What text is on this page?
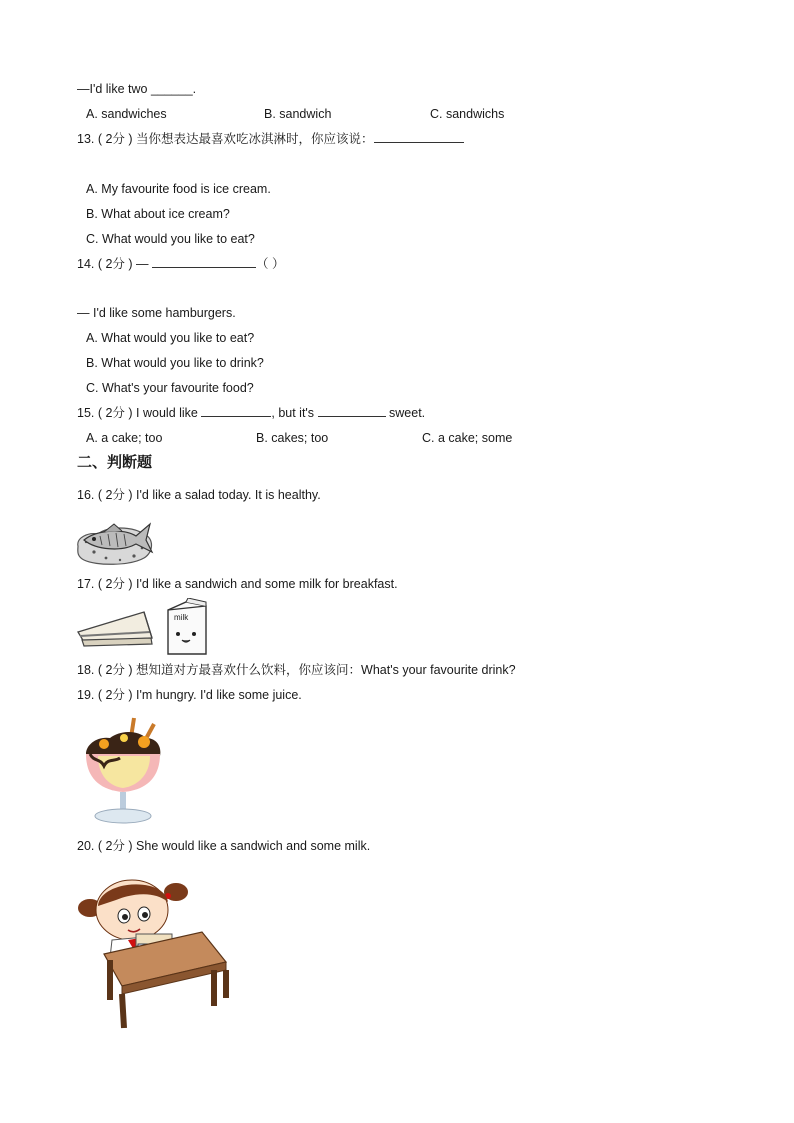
—I'd like two ______.
A. sandwiches	B. sandwich	C. sandwichs
13. ( 2分 ) 当你想表达最喜欢吃冰淇淋时，你应该说：
A. My favourite food is ice cream.
B. What about ice cream?
C. What would you like to eat?
14. ( 2分 ) —	（ ）
— I'd like some hamburgers.
A. What would you like to eat?
B. What would you like to drink?
C. What's your favourite food?
15. ( 2分 ) I would like	, but it's	sweet.
A. a cake; too	B. cakes; too	C. a cake; some
二、判断题
16. ( 2分 ) I'd like a salad today. It is healthy.
17. ( 2分 ) I'd like a sandwich and some milk for breakfast.
milk
18. ( 2分 ) 想知道对方最喜欢什么饮料，你应该问：What's your favourite drink?
19. ( 2分 ) I'm hungry. I'd like some juice.
20. ( 2分 ) She would like a sandwich and some milk.
